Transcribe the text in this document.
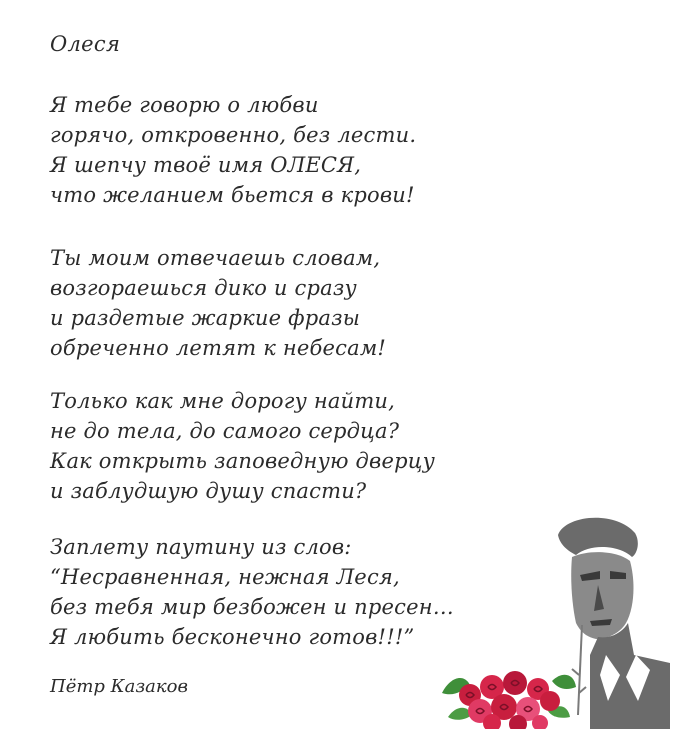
Олеся
Я тебе говорю о любви
горячо, откровенно, без лести.
Я шепчу твоё имя ОЛЕСЯ,
что желанием бьется в крови!
Ты моим отвечаешь словам,
возгораешься дико и сразу
и раздетые жаркие фразы
обреченно летят к небесам!
Только как мне дорогу найти,
не до тела, до самого сердца?
Как открыть заповедную дверцу
и заблудшую душу спасти?
Заплету паутину из слов:
“Несравненная, нежная Леся,
без тебя мир безбожен и пресен…
Я любить бесконечно готов!!!”
Пётр Казаков
